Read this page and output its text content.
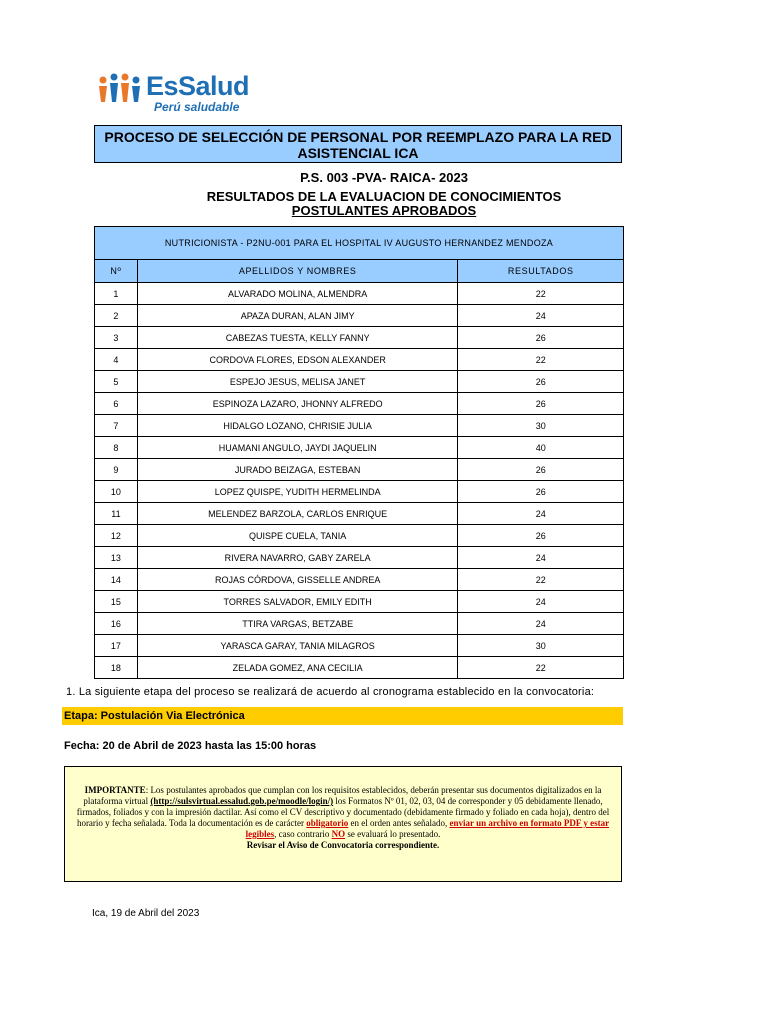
EsSalud
Perú saludable
PROCESO DE SELECCIÓN DE PERSONAL POR REEMPLAZO PARA LA RED ASISTENCIAL ICA
P.S. 003 -PVA- RAICA- 2023
RESULTADOS DE LA EVALUACION DE CONOCIMIENTOS
POSTULANTES APROBADOS
NUTRICIONISTA - P2NU-001 PARA EL HOSPITAL IV AUGUSTO HERNANDEZ MENDOZA		
Nº	APELLIDOS Y NOMBRES	RESULTADOS
1	ALVARADO MOLINA, ALMENDRA	22
2	APAZA DURAN, ALAN JIMY	24
3	CABEZAS TUESTA, KELLY FANNY	26
4	CORDOVA FLORES, EDSON ALEXANDER	22
5	ESPEJO JESUS, MELISA JANET	26
6	ESPINOZA LAZARO, JHONNY ALFREDO	26
7	HIDALGO LOZANO, CHRISIE JULIA	30
8	HUAMANI ANGULO, JAYDI JAQUELIN	40
9	JURADO BEIZAGA, ESTEBAN	26
10	LOPEZ QUISPE, YUDITH HERMELINDA	26
11	MELENDEZ BARZOLA, CARLOS ENRIQUE	24
12	QUISPE CUELA, TANIA	26
13	RIVERA NAVARRO, GABY ZARELA	24
14	ROJAS CÓRDOVA, GISSELLE ANDREA	22
15	TORRES SALVADOR, EMILY EDITH	24
16	TTIRA VARGAS, BETZABE	24
17	YARASCA GARAY, TANIA MILAGROS	30
18	ZELADA GOMEZ, ANA CECILIA	22
1. La siguiente etapa del proceso se realizará de acuerdo al cronograma establecido en la convocatoria:
Etapa: Postulación Via Electrónica
Fecha: 20 de Abril de 2023 hasta las 15:00 horas
IMPORTANTE: Los postulantes aprobados que cumplan con los requisitos establecidos, deberán presentar sus documentos digitalizados en la plataforma virtual (http://sulsvirtual.essalud.gob.pe/moodle/login/) los Formatos Nº 01, 02, 03, 04 de corresponder y 05 debidamente llenado, firmados, foliados y con la impresión dactilar. Así como el CV descriptivo y documentado (debidamente firmado y foliado en cada hoja), dentro del horario y fecha señalada. Toda la documentación es de carácter obligatorio en el orden antes señalado, enviar un archivo en formato PDF y estar legibles, caso contrario NO se evaluará lo presentado.
Revisar el Aviso de Convocatoria correspondiente.
Ica, 19 de Abril del 2023
